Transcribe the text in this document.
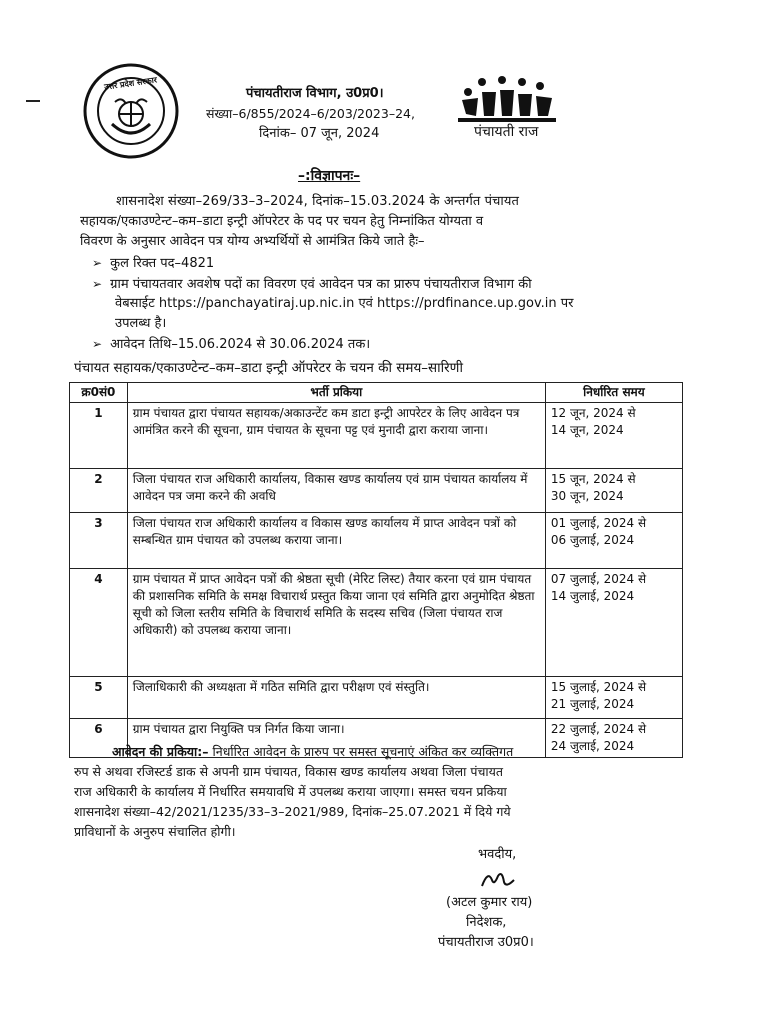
उत्तर प्रदेश सरकार
पंचायतीराज विभाग, उ0प्र0।
संख्या–6/855/2024–6/203/2023–24,
दिनांक– 07 जून, 2024	पंचायती राज
–:विज्ञापनः–
शासनादेश संख्या–269/33–3–2024, दिनांक–15.03.2024 के अन्तर्गत पंचायत
सहायक/एकाउण्टेन्ट–कम–डाटा इन्ट्री ऑपरेटर के पद पर चयन हेतु निम्नांकित योग्यता व
विवरण के अनुसार आवेदन पत्र योग्य अभ्यर्थियों से आमंत्रित किये जाते हैः–
➢ कुल रिक्त पद–4821
➢ ग्राम पंचायतवार अवशेष पदों का विवरण एवं आवेदन पत्र का प्रारुप पंचायतीराज विभाग की
वेबसाईट https://panchayatiraj.up.nic.in एवं https://prdfinance.up.gov.in पर
उपलब्ध है।
➢ आवेदन तिथि–15.06.2024 से 30.06.2024 तक।
पंचायत सहायक/एकाउण्टेन्ट–कम–डाटा इन्ट्री ऑपरेटर के चयन की समय–सारिणी
क्र0सं0	भर्ती प्रकिया	निर्धारित समय
1	ग्राम पंचायत द्वारा पंचायत सहायक/अकाउन्टेंट कम डाटा इन्ट्री आपरेटर के लिए आवेदन पत्र आमंत्रित करने की सूचना, ग्राम पंचायत के सूचना पट्ट एवं मुनादी द्वारा कराया जाना।	12 जून, 2024 से
14 जून, 2024

2	जिला पंचायत राज अधिकारी कार्यालय, विकास खण्ड कार्यालय एवं ग्राम पंचायत कार्यालय में आवेदन पत्र जमा करने की अवधि	15 जून, 2024 से
30 जून, 2024

3	जिला पंचायत राज अधिकारी कार्यालय व विकास खण्ड कार्यालय में प्राप्त आवेदन पत्रों को सम्बन्धित ग्राम पंचायत को उपलब्ध कराया जाना।	01 जुलाई, 2024 से
06 जुलाई, 2024

4	ग्राम पंचायत में प्राप्त आवेदन पत्रों की श्रेष्ठता सूची (मेरिट लिस्ट) तैयार करना एवं ग्राम पंचायत की प्रशासनिक समिति के समक्ष विचारार्थ प्रस्तुत किया जाना एवं समिति द्वारा अनुमोदित श्रेष्ठता सूची को जिला स्तरीय समिति के विचारार्थ समिति के सदस्य सचिव (जिला पंचायत राज अधिकारी) को उपलब्ध कराया जाना।	07 जुलाई, 2024 से
14 जुलाई, 2024

5	जिलाधिकारी की अध्यक्षता में गठित समिति द्वारा परीक्षण एवं संस्तुति।	15 जुलाई, 2024 से
21 जुलाई, 2024

6	ग्राम पंचायत द्वारा नियुक्ति पत्र निर्गत किया जाना।	22 जुलाई, 2024 से
24 जुलाई, 2024
आवेदन की प्रकिया:– निर्धारित आवेदन के प्रारुप पर समस्त सूचनाएं अंकित कर व्यक्तिगत
रुप से अथवा रजिस्टर्ड डाक से अपनी ग्राम पंचायत, विकास खण्ड कार्यालय अथवा जिला पंचायत
राज अधिकारी के कार्यालय में निर्धारित समयावधि में उपलब्ध कराया जाएगा। समस्त चयन प्रकिया
शासनादेश संख्या–42/2021/1235/33–3–2021/989, दिनांक–25.07.2021 में दिये गये
प्राविधानों के अनुरुप संचालित होगी।
भवदीय,
(अटल कुमार राय)
निदेशक,
पंचायतीराज उ0प्र0।
